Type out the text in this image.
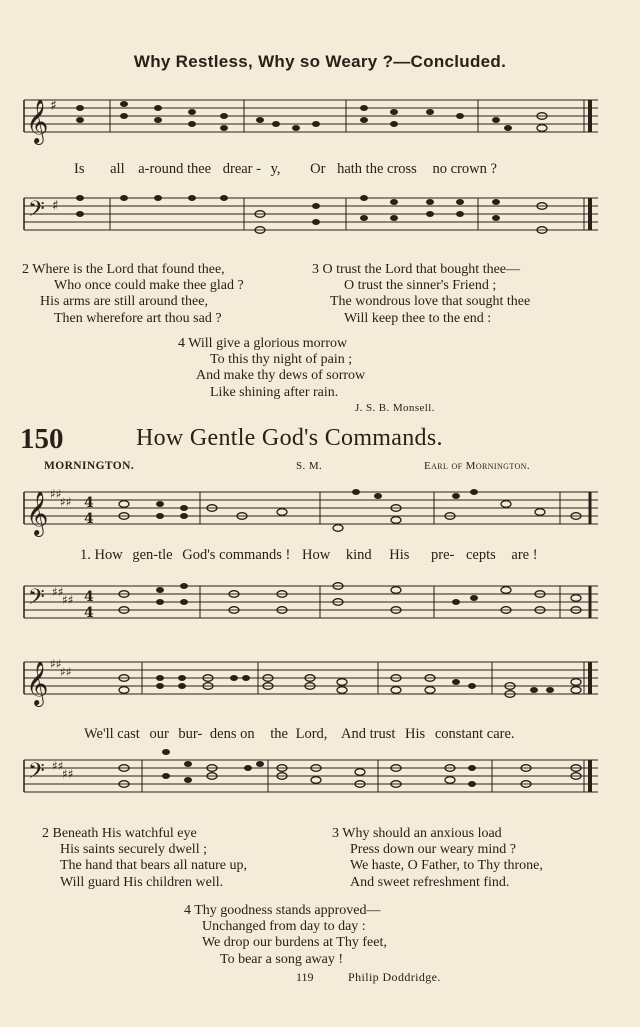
Why Restless, Why so Weary ?—Concluded.
𝄞 ♯
Is all a-round thee drear - y, Or hath the cross no crown ?
𝄢 ♯
2 Where is the Lord that found thee,
Who once could make thee glad ?
His arms are still around thee,
Then wherefore art thou sad ?
3 O trust the Lord that bought thee—
O trust the sinner's Friend ;
The wondrous love that sought thee
Will keep thee to the end :
4 Will give a glorious morrow
To this thy night of pain ;
And make thy dews of sorrow
Like shining after rain.
J. S. B. Monsell.
150	How Gentle God's Commands.
MORNINGTON.	S. M.	Earl of Mornington.
𝄞 ♯♯
♯♯ 4
4
1. How gen-tle God's commands ! How kind His pre- cepts are !
𝄢 ♯♯
♯♯ 4
4
𝄞 ♯♯
♯♯
We'll cast our bur- dens on the Lord, And trust His constant care.
𝄢 ♯♯
♯♯
2 Beneath His watchful eye
His saints securely dwell ;
The hand that bears all nature up,
Will guard His children well.
3 Why should an anxious load
Press down our weary mind ?
We haste, O Father, to Thy throne,
And sweet refreshment find.
4 Thy goodness stands approved—
Unchanged from day to day :
We drop our burdens at Thy feet,
To bear a song away !
119	Philip Doddridge.
